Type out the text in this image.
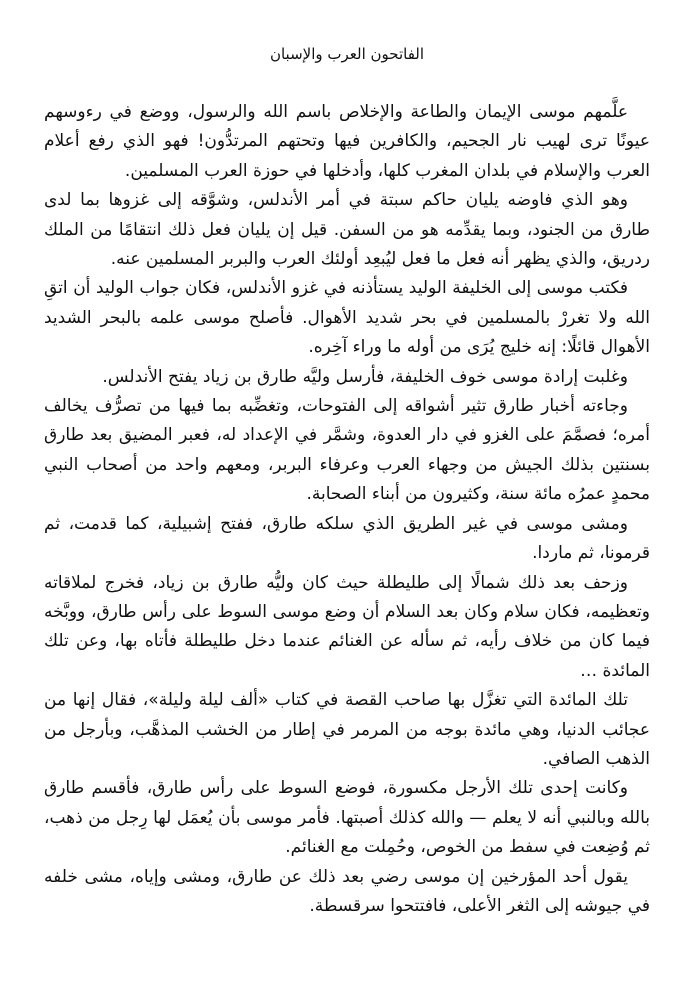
الفاتحون العرب والإسبان

علَّمهم موسى الإيمان والطاعة والإخلاص باسم الله والرسول، ووضع في رءوسهم عيونًا ترى لهيب نار الجحيم، والكافرين فيها وتحتهم المرتدُّون! فهو الذي رفع أعلام العرب والإسلام في بلدان المغرب كلها، وأدخلها في حوزة العرب المسلمين.

وهو الذي فاوضه يليان حاكم سبتة في أمر الأندلس، وشوَّقه إلى غزوها بما لدى طارق من الجنود، وبما يقدِّمه هو من السفن. قيل إن يليان فعل ذلك انتقامًا من الملك ردريق، والذي يظهر أنه فعل ما فعل ليُبعِد أولئك العرب والبربر المسلمين عنه.

فكتب موسى إلى الخليفة الوليد يستأذنه في غزو الأندلس، فكان جواب الوليد أن اتقِ الله ولا تغررْ بالمسلمين في بحر شديد الأهوال. فأصلح موسى علمه بالبحر الشديد الأهوال قائلًا: إنه خليج يُرَى من أوله ما وراء آخِره.

وغلبت إرادة موسى خوف الخليفة، فأرسل وليَّه طارق بن زياد يفتح الأندلس.

وجاءته أخبار طارق تثير أشواقه إلى الفتوحات، وتغضِّبه بما فيها من تصرُّف يخالف أمره؛ فصمَّمَ على الغزو في دار العدوة، وشمَّر في الإعداد له، فعبر المضيق بعد طارق بسنتين بذلك الجيش من وجهاء العرب وعرفاء البربر، ومعهم واحد من أصحاب النبي محمدٍ عمرُه مائة سنة، وكثيرون من أبناء الصحابة.

ومشى موسى في غير الطريق الذي سلكه طارق، ففتح إشبيلية، كما قدمت، ثم قرمونا، ثم ماردا.

وزحف بعد ذلك شمالًا إلى طليطلة حيث كان وليُّه طارق بن زياد، فخرج لملاقاته وتعظيمه، فكان سلام وكان بعد السلام أن وضع موسى السوط على رأس طارق، ووبَّخه فيما كان من خلاف رأيه، ثم سأله عن الغنائم عندما دخل طليطلة فأتاه بها، وعن تلك المائدة …

تلك المائدة التي تغزَّل بها صاحب القصة في كتاب «ألف ليلة وليلة»، فقال إنها من عجائب الدنيا، وهي مائدة بوجه من المرمر في إطار من الخشب المذهَّب، وبأرجل من الذهب الصافي.

وكانت إحدى تلك الأرجل مكسورة، فوضع السوط على رأس طارق، فأقسم طارق بالله وبالنبي أنه لا يعلم — والله كذلك أصبتها. فأمر موسى بأن يُعمَل لها رِجل من ذهب، ثم وُضِعت في سفط من الخوص، وحُمِلت مع الغنائم.

يقول أحد المؤرخين إن موسى رضي بعد ذلك عن طارق، ومشى وإياه، مشى خلفه في جيوشه إلى الثغر الأعلى، فافتتحوا سرقسطة.
